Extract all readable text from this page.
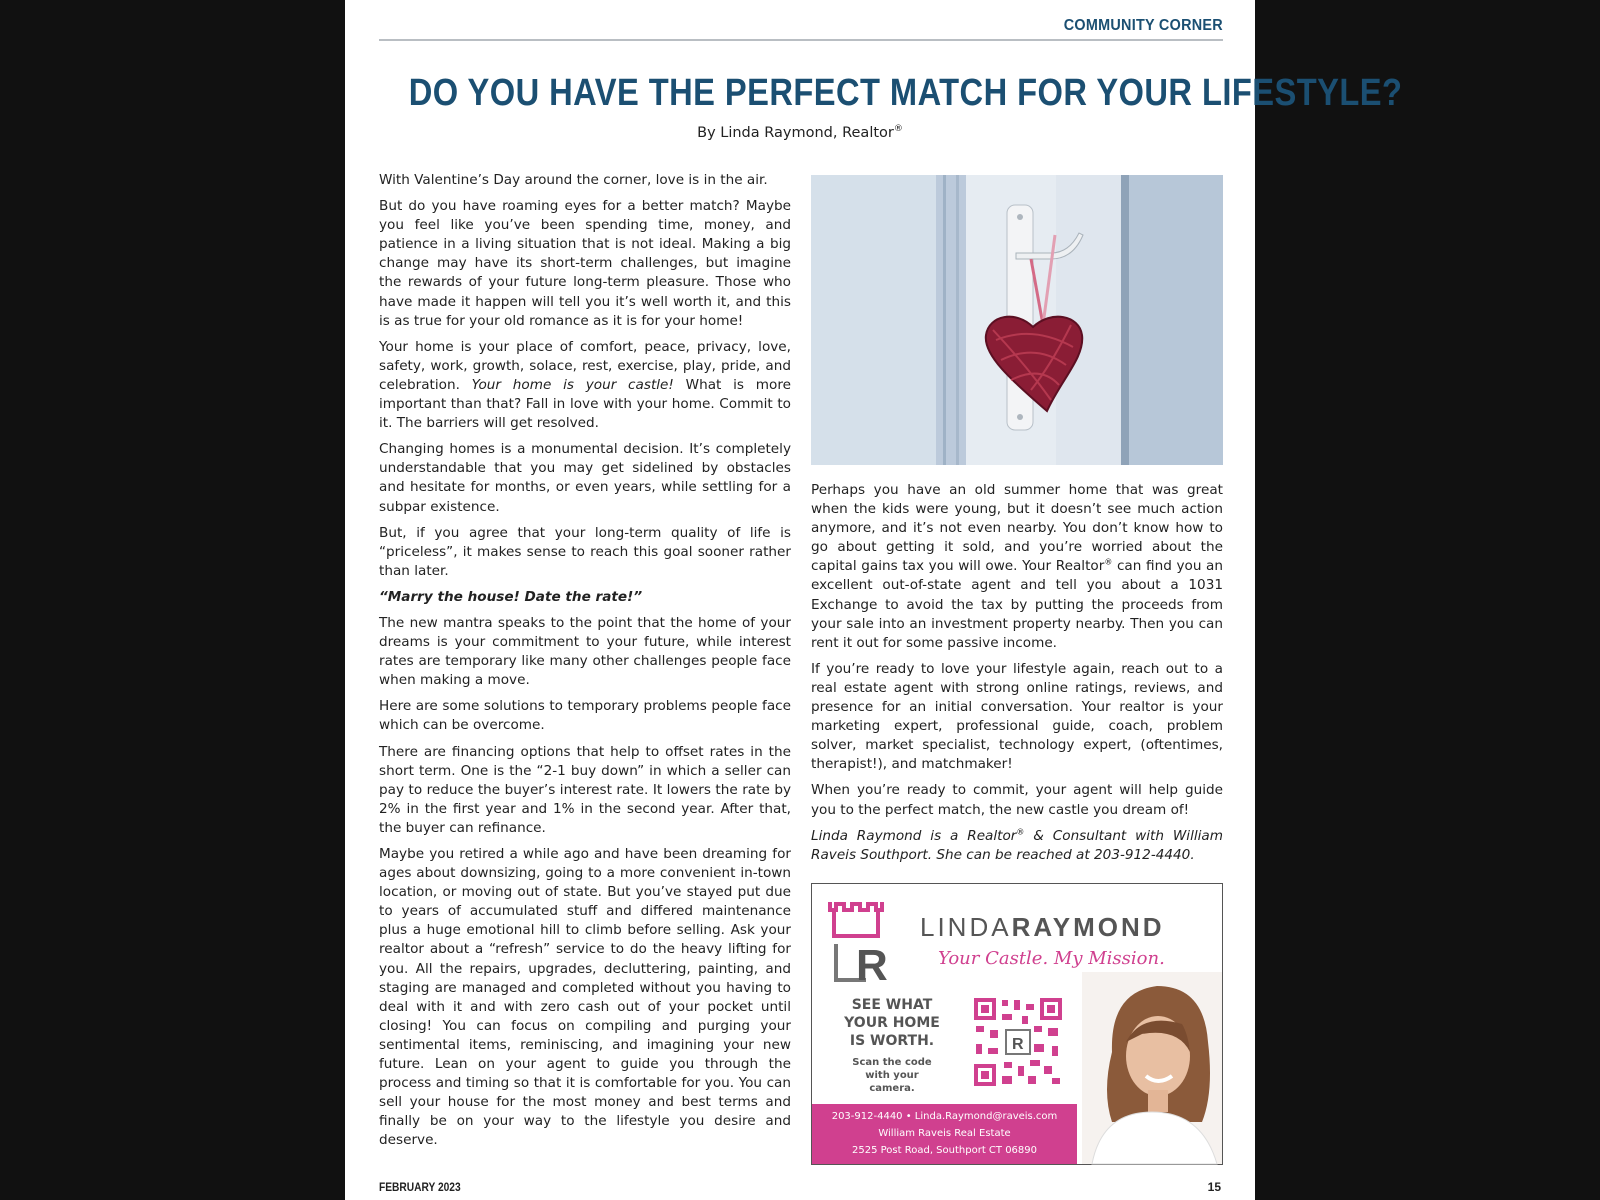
COMMUNITY CORNER
DO YOU HAVE THE PERFECT MATCH FOR YOUR LIFESTYLE?
By Linda Raymond, Realtor®

With Valentine’s Day around the corner, love is in the air.

But do you have roaming eyes for a better match? Maybe you feel like you’ve been spending time, money, and patience in a living situation that is not ideal. Making a big change may have its short-term challenges, but imagine the rewards of your future long-term pleasure. Those who have made it happen will tell you it’s well worth it, and this is as true for your old romance as it is for your home!

Your home is your place of comfort, peace, privacy, love, safety, work, growth, solace, rest, exercise, play, pride, and celebration. Your home is your castle! What is more important than that? Fall in love with your home. Commit to it. The barriers will get resolved.

Changing homes is a monumental decision. It’s completely understandable that you may get sidelined by obstacles and hesitate for months, or even years, while settling for a subpar existence.

But, if you agree that your long-term quality of life is “priceless”, it makes sense to reach this goal sooner rather than later.

“Marry the house! Date the rate!”

The new mantra speaks to the point that the home of your dreams is your commitment to your future, while interest rates are temporary like many other challenges people face when making a move.

Here are some solutions to temporary problems people face which can be overcome.

There are financing options that help to offset rates in the short term. One is the “2-1 buy down” in which a seller can pay to reduce the buyer’s interest rate. It lowers the rate by 2% in the first year and 1% in the second year. After that, the buyer can refinance.

Maybe you retired a while ago and have been dreaming for ages about downsizing, going to a more convenient in-town location, or moving out of state. But you’ve stayed put due to years of accumulated stuff and differed maintenance plus a huge emotional hill to climb before selling. Ask your realtor about a “refresh” service to do the heavy lifting for you. All the repairs, upgrades, decluttering, painting, and staging are managed and completed without you having to deal with it and with zero cash out of your pocket until closing! You can focus on compiling and purging your sentimental items, reminiscing, and imagining your new future. Lean on your agent to guide you through the process and timing so that it is comfortable for you. You can sell your house for the most money and best terms and finally be on your way to the lifestyle you desire and deserve.

Perhaps you have an old summer home that was great when the kids were young, but it doesn’t see much action anymore, and it’s not even nearby. You don’t know how to go about getting it sold, and you’re worried about the capital gains tax you will owe. Your Realtor® can find you an excellent out-of-state agent and tell you about a 1031 Exchange to avoid the tax by putting the proceeds from your sale into an investment property nearby. Then you can rent it out for some passive income.

If you’re ready to love your lifestyle again, reach out to a real estate agent with strong online ratings, reviews, and presence for an initial conversation. Your realtor is your marketing expert, professional guide, coach, problem solver, market specialist, technology expert, (oftentimes, therapist!), and matchmaker!

When you’re ready to commit, your agent will help guide you to the perfect match, the new castle you dream of!

Linda Raymond is a Realtor® & Consultant with William Raveis Southport. She can be reached at 203-912-4440.

R
LINDARAYMOND
Your Castle. My Mission.
SEE WHAT
YOUR HOME
IS WORTH.
Scan the code
with your
camera.
R
203-912-4440 • Linda.Raymond@raveis.com
William Raveis Real Estate
2525 Post Road, Southport CT 06890
FEBRUARY 2023	15
